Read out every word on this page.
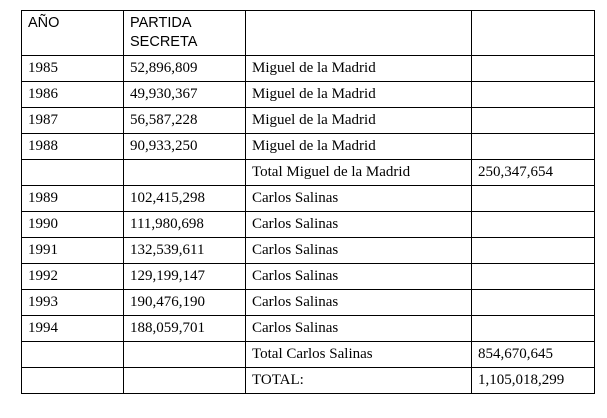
AÑO	PARTIDA SECRETA		
1985	52,896,809	Miguel de la Madrid	
1986	49,930,367	Miguel de la Madrid	
1987	56,587,228	Miguel de la Madrid	
1988	90,933,250	Miguel de la Madrid	
		Total Miguel de la Madrid	250,347,654
1989	102,415,298	Carlos Salinas	
1990	111,980,698	Carlos Salinas	
1991	132,539,611	Carlos Salinas	
1992	129,199,147	Carlos Salinas	
1993	190,476,190	Carlos Salinas	
1994	188,059,701	Carlos Salinas	
		Total Carlos Salinas	854,670,645
		TOTAL:	1,105,018,299
